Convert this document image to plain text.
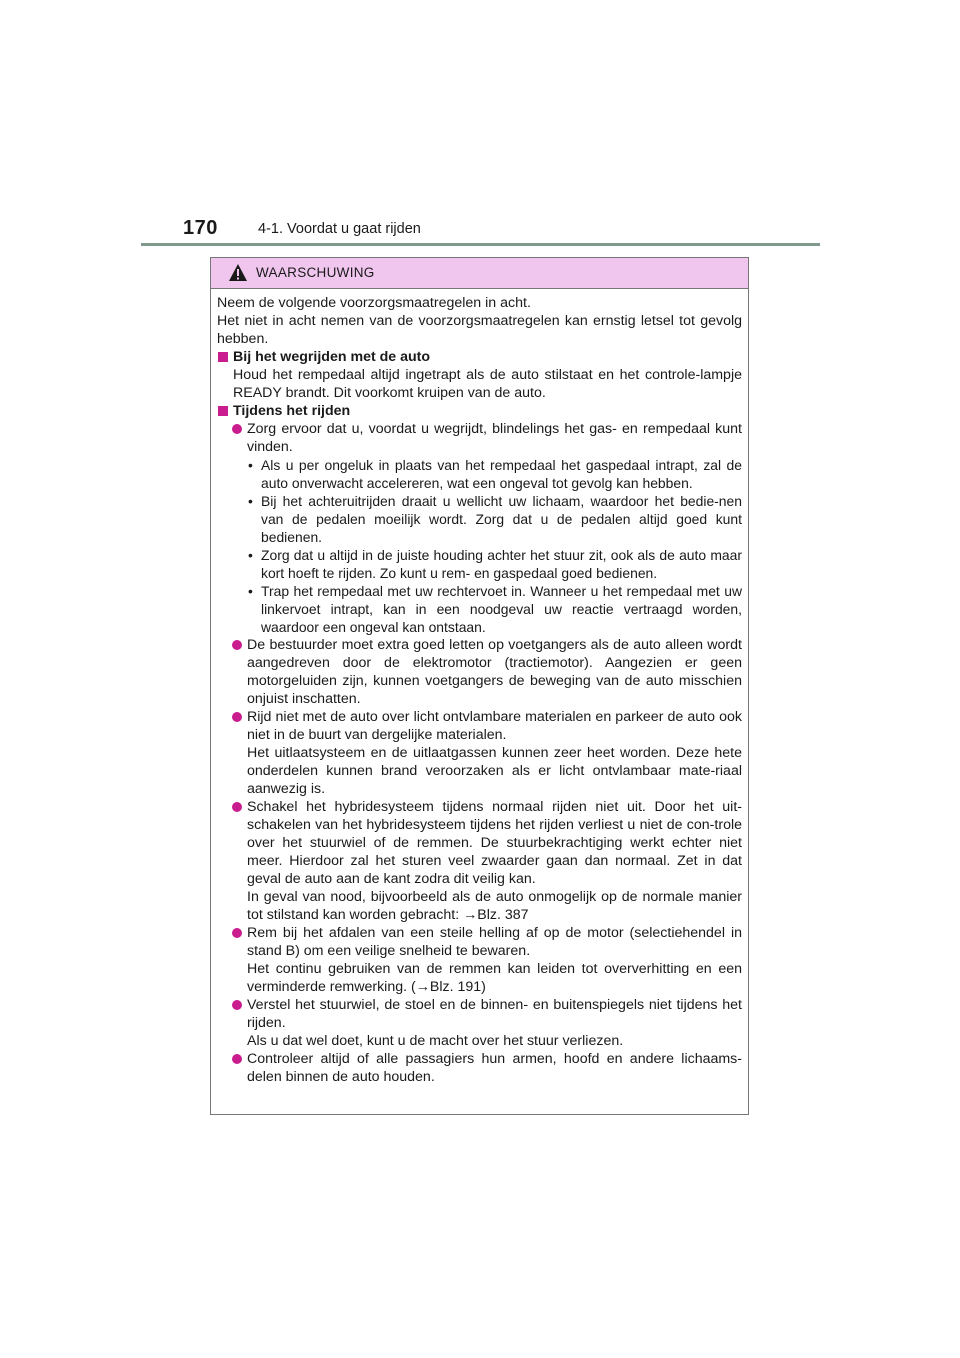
170	4-1. Voordat u gaat rijden
WAARSCHUWING

Neem de volgende voorzorgsmaatregelen in acht.

Het niet in acht nemen van de voorzorgsmaatregelen kan ernstig letsel tot gevolg hebben.

Bij het wegrijden met de auto

Houd het rempedaal altijd ingetrapt als de auto stilstaat en het controle-lampje READY brandt. Dit voorkomt kruipen van de auto.

Tijdens het rijden

Zorg ervoor dat u, voordat u wegrijdt, blindelings het gas- en rempedaal kunt vinden.

• Als u per ongeluk in plaats van het rempedaal het gaspedaal intrapt, zal de auto onverwacht accelereren, wat een ongeval tot gevolg kan hebben.

• Bij het achteruitrijden draait u wellicht uw lichaam, waardoor het bedie-nen van de pedalen moeilijk wordt. Zorg dat u de pedalen altijd goed kunt bedienen.

• Zorg dat u altijd in de juiste houding achter het stuur zit, ook als de auto maar kort hoeft te rijden. Zo kunt u rem- en gaspedaal goed bedienen.

• Trap het rempedaal met uw rechtervoet in. Wanneer u het rempedaal met uw linkervoet intrapt, kan in een noodgeval uw reactie vertraagd worden, waardoor een ongeval kan ontstaan.

De bestuurder moet extra goed letten op voetgangers als de auto alleen wordt aangedreven door de elektromotor (tractiemotor). Aangezien er geen motorgeluiden zijn, kunnen voetgangers de beweging van de auto misschien onjuist inschatten.

Rijd niet met de auto over licht ontvlambare materialen en parkeer de auto ook niet in de buurt van dergelijke materialen.

Het uitlaatsysteem en de uitlaatgassen kunnen zeer heet worden. Deze hete onderdelen kunnen brand veroorzaken als er licht ontvlambaar mate-riaal aanwezig is.

Schakel het hybridesysteem tijdens normaal rijden niet uit. Door het uit-schakelen van het hybridesysteem tijdens het rijden verliest u niet de con-trole over het stuurwiel of de remmen. De stuurbekrachtiging werkt echter niet meer. Hierdoor zal het sturen veel zwaarder gaan dan normaal. Zet in dat geval de auto aan de kant zodra dit veilig kan.

In geval van nood, bijvoorbeeld als de auto onmogelijk op de normale manier tot stilstand kan worden gebracht: →Blz. 387

Rem bij het afdalen van een steile helling af op de motor (selectiehendel in stand B) om een veilige snelheid te bewaren.

Het continu gebruiken van de remmen kan leiden tot oververhitting en een verminderde remwerking. (→Blz. 191)

Verstel het stuurwiel, de stoel en de binnen- en buitenspiegels niet tijdens het rijden.

Als u dat wel doet, kunt u de macht over het stuur verliezen.

Controleer altijd of alle passagiers hun armen, hoofd en andere lichaams-delen binnen de auto houden.
